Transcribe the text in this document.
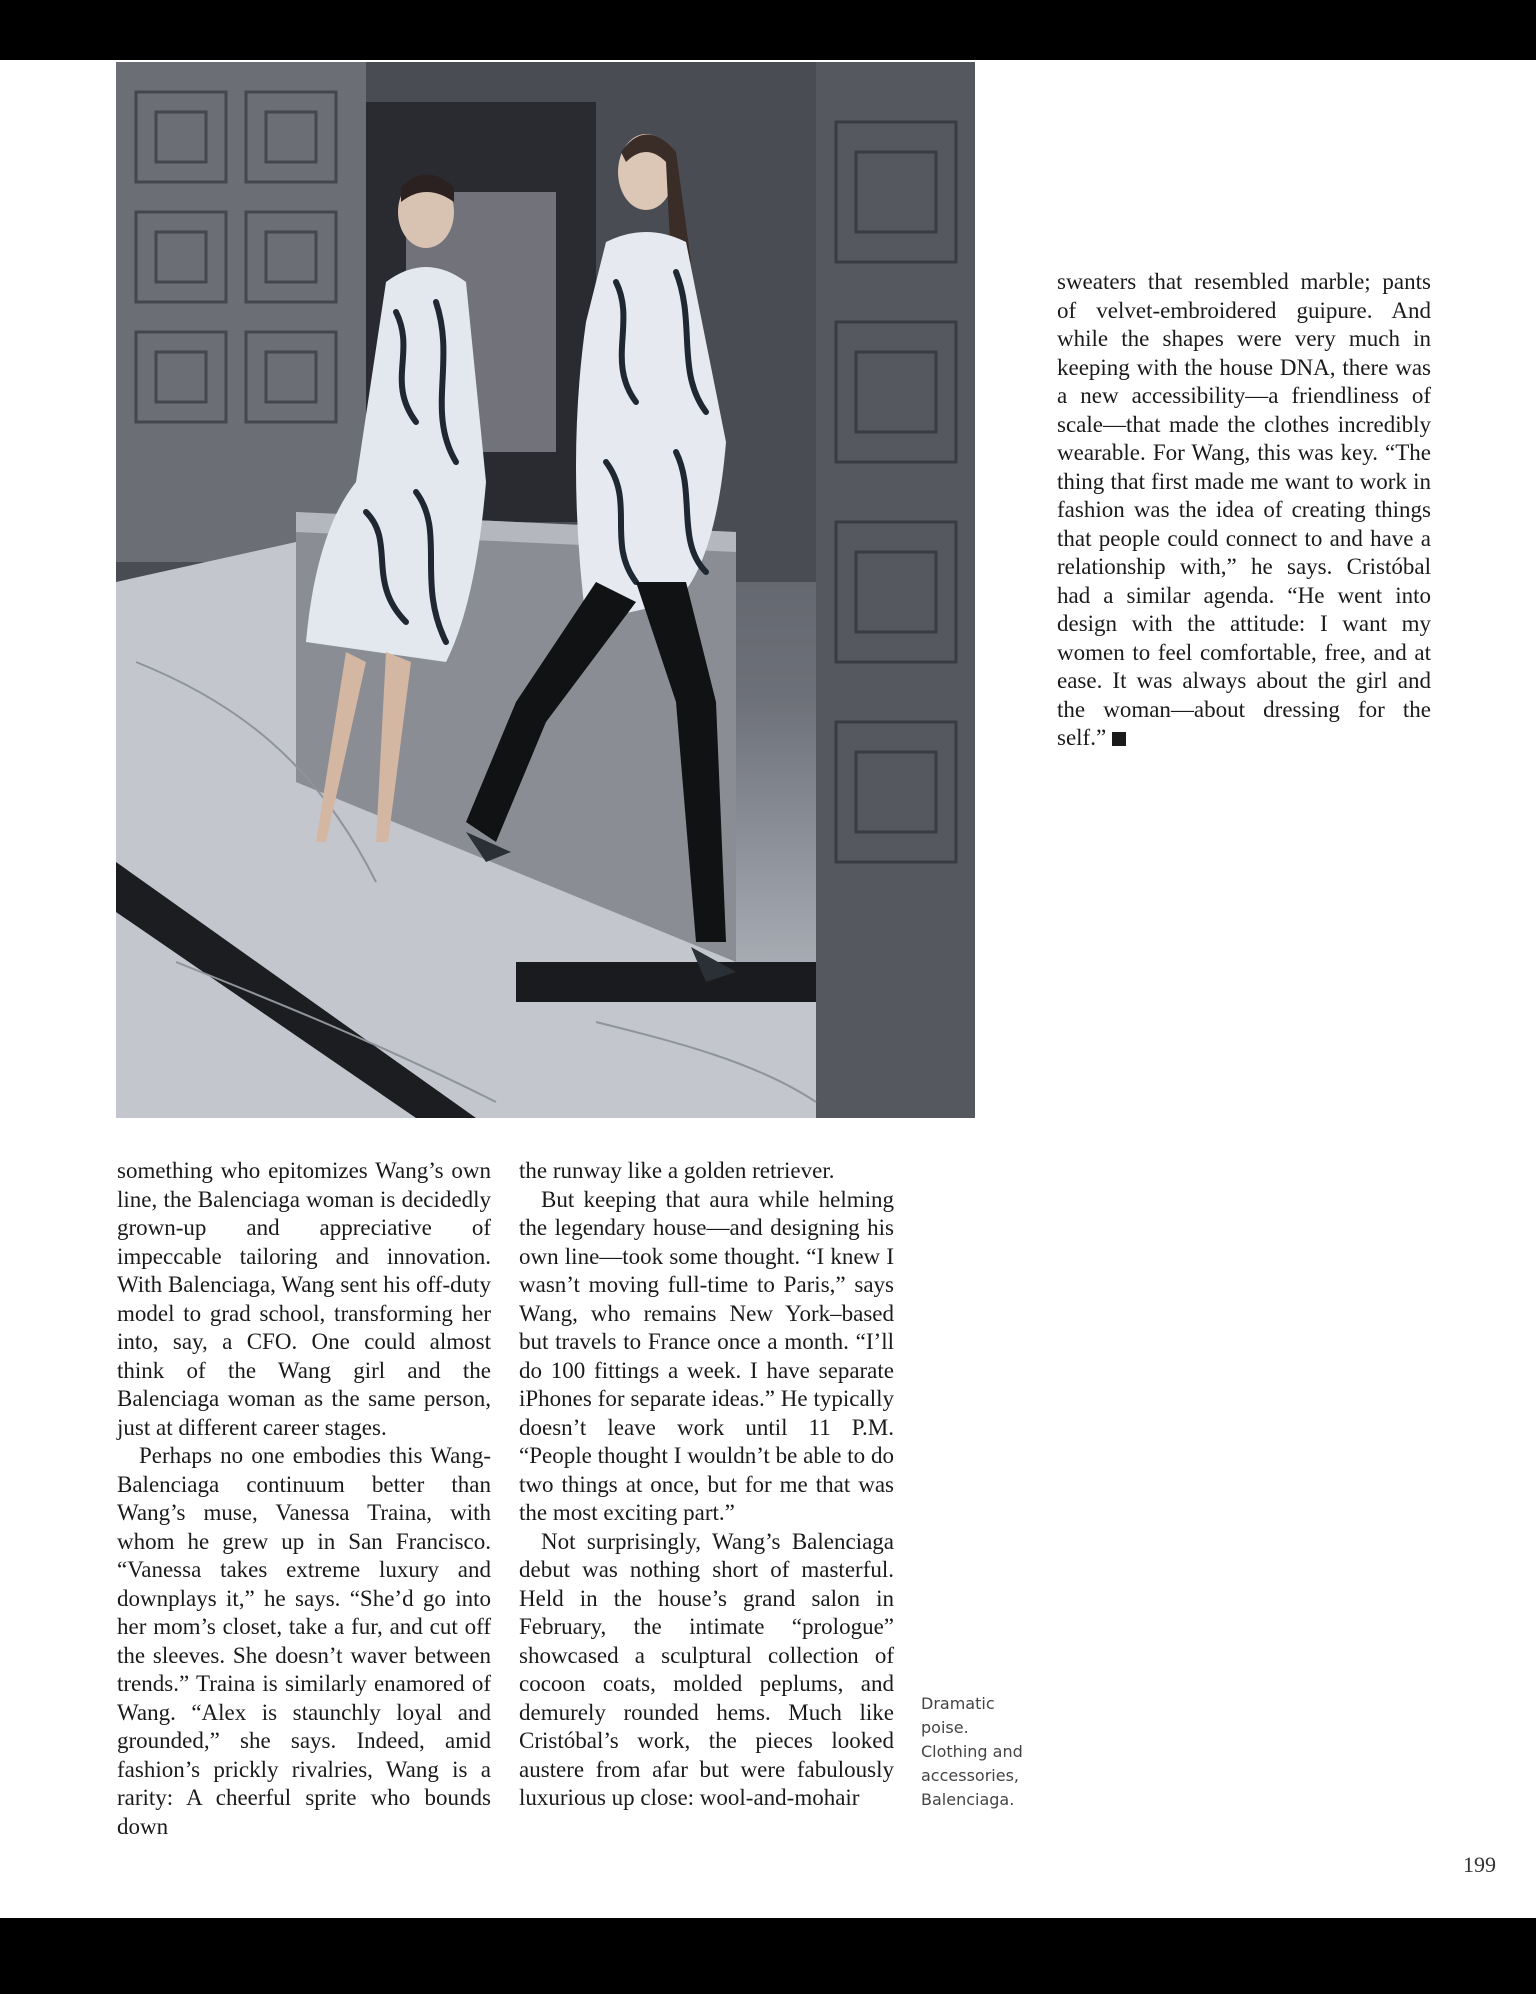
sweaters that resembled marble; pants of velvet-embroidered guipure. And while the shapes were very much in keeping with the house DNA, there was a new accessibility—a friendliness of scale—that made the clothes incredibly wearable. For Wang, this was key. “The thing that first made me want to work in fashion was the idea of creating things that people could connect to and have a relationship with,” he says. Cristóbal had a similar agenda. “He went into design with the attitude: I want my women to feel comfortable, free, and at ease. It was always about the girl and the woman—about dressing for the self.”

something who epitomizes Wang’s own line, the Balenciaga woman is decidedly grown-up and appreciative of impeccable tailoring and innovation. With Balenciaga, Wang sent his off-duty model to grad school, transforming her into, say, a CFO. One could almost think of the Wang girl and the Balenciaga woman as the same person, just at different career stages.

Perhaps no one embodies this Wang-Balenciaga continuum better than Wang’s muse, Vanessa Traina, with whom he grew up in San Francisco. “Vanessa takes extreme luxury and downplays it,” he says. “She’d go into her mom’s closet, take a fur, and cut off the sleeves. She doesn’t waver between trends.” Traina is similarly enamored of Wang. “Alex is staunchly loyal and grounded,” she says. Indeed, amid fashion’s prickly rivalries, Wang is a rarity: A cheerful sprite who bounds down

the runway like a golden retriever.

But keeping that aura while helming the legendary house—and designing his own line—took some thought. “I knew I wasn’t moving full-time to Paris,” says Wang, who remains New York–based but travels to France once a month. “I’ll do 100 fittings a week. I have separate iPhones for separate ideas.” He typically doesn’t leave work until 11 P.M. “People thought I wouldn’t be able to do two things at once, but for me that was the most exciting part.”

Not surprisingly, Wang’s Balenciaga debut was nothing short of masterful. Held in the house’s grand salon in February, the intimate “prologue” showcased a sculptural collection of cocoon coats, molded peplums, and demurely rounded hems. Much like Cristóbal’s work, the pieces looked austere from afar but were fabulously luxurious up close: wool-and-mohair

Dramatic
poise.
Clothing and
accessories,
Balenciaga.
199
